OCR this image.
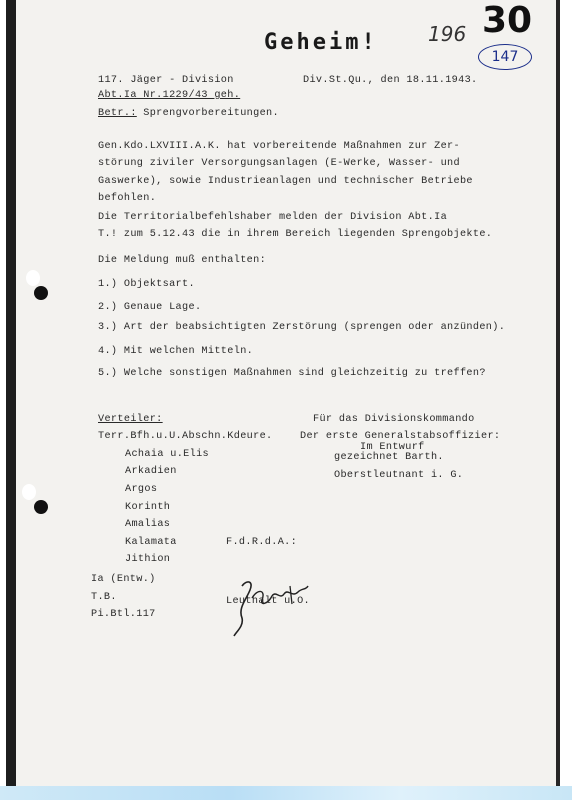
Geheim!	196 30
147
117. Jäger - Division	Div.St.Qu., den 18.11.1943.
Abt.Ia Nr.1229/43 geh.
Betr.: Sprengvorbereitungen.
Gen.Kdo.LXVIII.A.K. hat vorbereitende Maßnahmen zur Zer-
störung ziviler Versorgungsanlagen (E-Werke, Wasser- und
Gaswerke), sowie Industrieanlagen und technischer Betriebe
befohlen.
Die Territorialbefehlshaber melden der Division Abt.Ia
T.! zum 5.12.43 die in ihrem Bereich liegenden Sprengobjekte.
Die Meldung muß enthalten:
1.) Objektsart.
2.) Genaue Lage.
3.) Art der beabsichtigten Zerstörung (sprengen oder anzünden).
4.) Mit welchen Mitteln.
5.) Welche sonstigen Maßnahmen sind gleichzeitig zu treffen?
Verteiler:
Terr.Bfh.u.U.Abschn.Kdeure.
Achaia u.Elis
Arkadien
Argos
Korinth
Amalias
Kalamata
Jithion
Ia (Entw.)
T.B.
Pi.Btl.117
Für das Divisionskommando
Der erste Generalstabsoffizier:
Im Entwurf
gezeichnet Barth.
Oberstleutnant i. G.
F.d.R.d.A.:
Leuthalt u.O.
